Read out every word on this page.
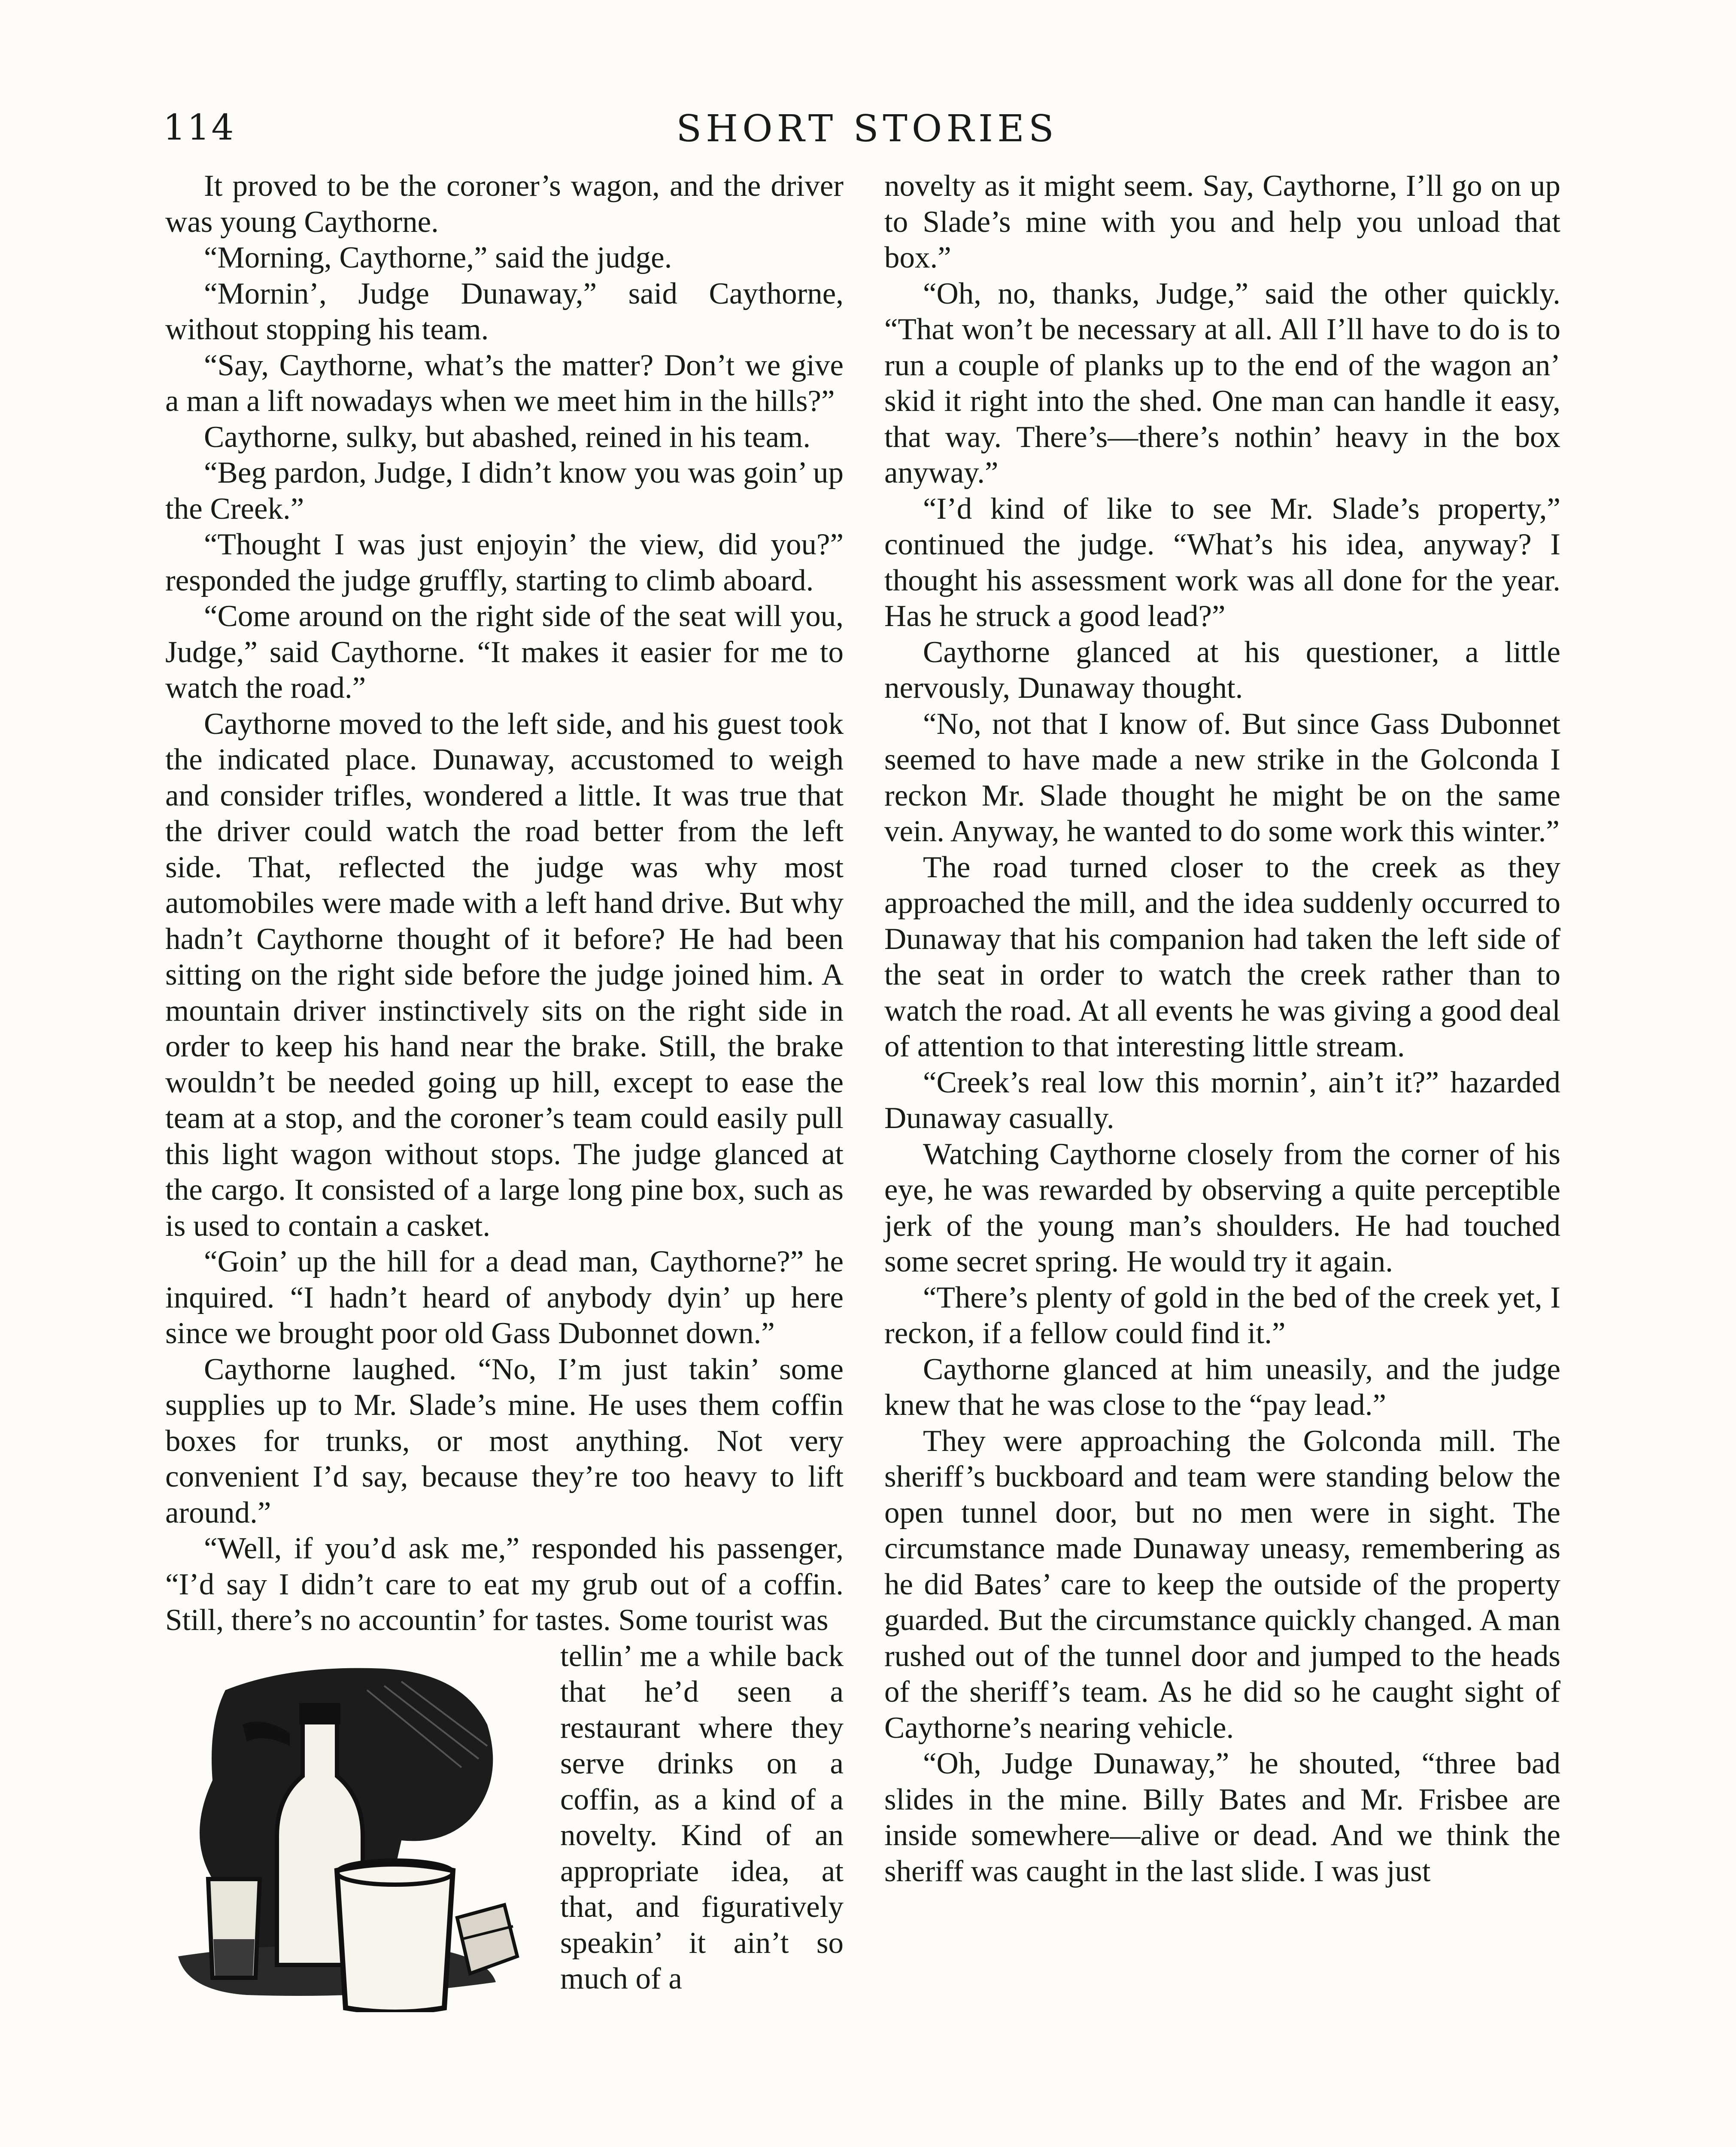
114	SHORT STORIES

It proved to be the coroner’s wagon, and the driver was young Caythorne.

“Morning, Caythorne,” said the judge.

“Mornin’, Judge Dunaway,” said Caythorne, without stopping his team.

“Say, Caythorne, what’s the matter? Don’t we give a man a lift nowadays when we meet him in the hills?”

Caythorne, sulky, but abashed, reined in his team.

“Beg pardon, Judge, I didn’t know you was goin’ up the Creek.”

“Thought I was just enjoyin’ the view, did you?” responded the judge gruffly, starting to climb aboard.

“Come around on the right side of the seat will you, Judge,” said Caythorne. “It makes it easier for me to watch the road.”

Caythorne moved to the left side, and his guest took the indicated place. Dunaway, accustomed to weigh and consider trifles, wondered a little. It was true that the driver could watch the road better from the left side. That, reflected the judge was why most automobiles were made with a left hand drive. But why hadn’t Caythorne thought of it before? He had been sitting on the right side before the judge joined him. A mountain driver instinctively sits on the right side in order to keep his hand near the brake. Still, the brake wouldn’t be needed going up hill, except to ease the team at a stop, and the coroner’s team could easily pull this light wagon without stops. The judge glanced at the cargo. It consisted of a large long pine box, such as is used to contain a casket.

“Goin’ up the hill for a dead man, Caythorne?” he inquired. “I hadn’t heard of anybody dyin’ up here since we brought poor old Gass Dubonnet down.”

Caythorne laughed. “No, I’m just takin’ some supplies up to Mr. Slade’s mine. He uses them coffin boxes for trunks, or most anything. Not very convenient I’d say, because they’re too heavy to lift around.”

“Well, if you’d ask me,” responded his passenger, “I’d say I didn’t care to eat my grub out of a coffin. Still, there’s no accountin’ for tastes. Some tourist was

tellin’ me a while back that he’d seen a restaurant where they serve drinks on a coffin, as a kind of a novelty. Kind of an appropriate idea, at that, and figuratively speakin’ it ain’t so much of a

novelty as it might seem. Say, Caythorne, I’ll go on up to Slade’s mine with you and help you unload that box.”

“Oh, no, thanks, Judge,” said the other quickly. “That won’t be necessary at all. All I’ll have to do is to run a couple of planks up to the end of the wagon an’ skid it right into the shed. One man can handle it easy, that way. There’s—there’s nothin’ heavy in the box anyway.”

“I’d kind of like to see Mr. Slade’s property,” continued the judge. “What’s his idea, anyway? I thought his assessment work was all done for the year. Has he struck a good lead?”

Caythorne glanced at his questioner, a little nervously, Dunaway thought.

“No, not that I know of. But since Gass Dubonnet seemed to have made a new strike in the Golconda I reckon Mr. Slade thought he might be on the same vein. Anyway, he wanted to do some work this winter.”

The road turned closer to the creek as they approached the mill, and the idea suddenly occurred to Dunaway that his companion had taken the left side of the seat in order to watch the creek rather than to watch the road. At all events he was giving a good deal of attention to that interesting little stream.

“Creek’s real low this mornin’, ain’t it?” hazarded Dunaway casually.

Watching Caythorne closely from the corner of his eye, he was rewarded by observing a quite perceptible jerk of the young man’s shoulders. He had touched some secret spring. He would try it again.

“There’s plenty of gold in the bed of the creek yet, I reckon, if a fellow could find it.”

Caythorne glanced at him uneasily, and the judge knew that he was close to the “pay lead.”

They were approaching the Golconda mill. The sheriff’s buckboard and team were standing below the open tunnel door, but no men were in sight. The circumstance made Dunaway uneasy, remembering as he did Bates’ care to keep the outside of the property guarded. But the circumstance quickly changed. A man rushed out of the tunnel door and jumped to the heads of the sheriff’s team. As he did so he caught sight of Caythorne’s nearing vehicle.

“Oh, Judge Dunaway,” he shouted, “three bad slides in the mine. Billy Bates and Mr. Frisbee are inside somewhere—alive or dead. And we think the sheriff was caught in the last slide. I was just
